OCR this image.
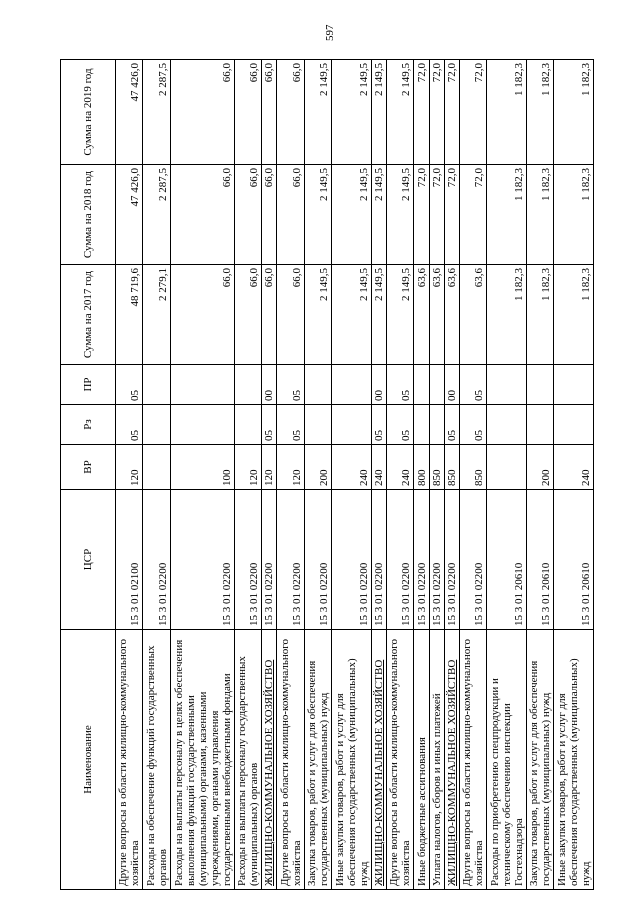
597
Наименование	ЦСР	ВР	Рз	ПР	Сумма на 2017 год	Сумма на 2018 год	Сумма на 2019 год
Другие вопросы в области жилищно-коммунального хозяйства	15 3 01 02100	120	05	05	48 719,6	47 426,0	47 426,0
Расходы на обеспечение функций государственных органов	15 3 01 02200				2 279,1	2 287,5	2 287,5
Расходы на выплаты персоналу в целях обеспечения выполнения функций государственными (муниципальными) органами, казенными учреждениями, органами управления государственными внебюджетными фондами	15 3 01 02200	100			66,0	66,0	66,0
Расходы на выплаты персоналу государственных (муниципальных) органов	15 3 01 02200	120			66,0	66,0	66,0
ЖИЛИЩНО-КОММУНАЛЬНОЕ ХОЗЯЙСТВО	15 3 01 02200	120	05	00	66,0	66,0	66,0
Другие вопросы в области жилищно-коммунального хозяйства	15 3 01 02200	120	05	05	66,0	66,0	66,0
Закупка товаров, работ и услуг для обеспечения государственных (муниципальных) нужд	15 3 01 02200	200			2 149,5	2 149,5	2 149,5
Иные закупки товаров, работ и услуг для обеспечения государственных (муниципальных) нужд	15 3 01 02200	240			2 149,5	2 149,5	2 149,5
ЖИЛИЩНО-КОММУНАЛЬНОЕ ХОЗЯЙСТВО	15 3 01 02200	240	05	00	2 149,5	2 149,5	2 149,5
Другие вопросы в области жилищно-коммунального хозяйства	15 3 01 02200	240	05	05	2 149,5	2 149,5	2 149,5
Иные бюджетные ассигнования	15 3 01 02200	800			63,6	72,0	72,0
Уплата налогов, сборов и иных платежей	15 3 01 02200	850			63,6	72,0	72,0
ЖИЛИЩНО-КОММУНАЛЬНОЕ ХОЗЯЙСТВО	15 3 01 02200	850	05	00	63,6	72,0	72,0
Другие вопросы в области жилищно-коммунального хозяйства	15 3 01 02200	850	05	05	63,6	72,0	72,0
Расходы по приобретению спецпродукции и техническому обеспечению инспекции Гостехнадзора	15 3 01 20610				1 182,3	1 182,3	1 182,3
Закупка товаров, работ и услуг для обеспечения государственных (муниципальных) нужд	15 3 01 20610	200			1 182,3	1 182,3	1 182,3
Иные закупки товаров, работ и услуг для обеспечения государственных (муниципальных) нужд	15 3 01 20610	240			1 182,3	1 182,3	1 182,3
